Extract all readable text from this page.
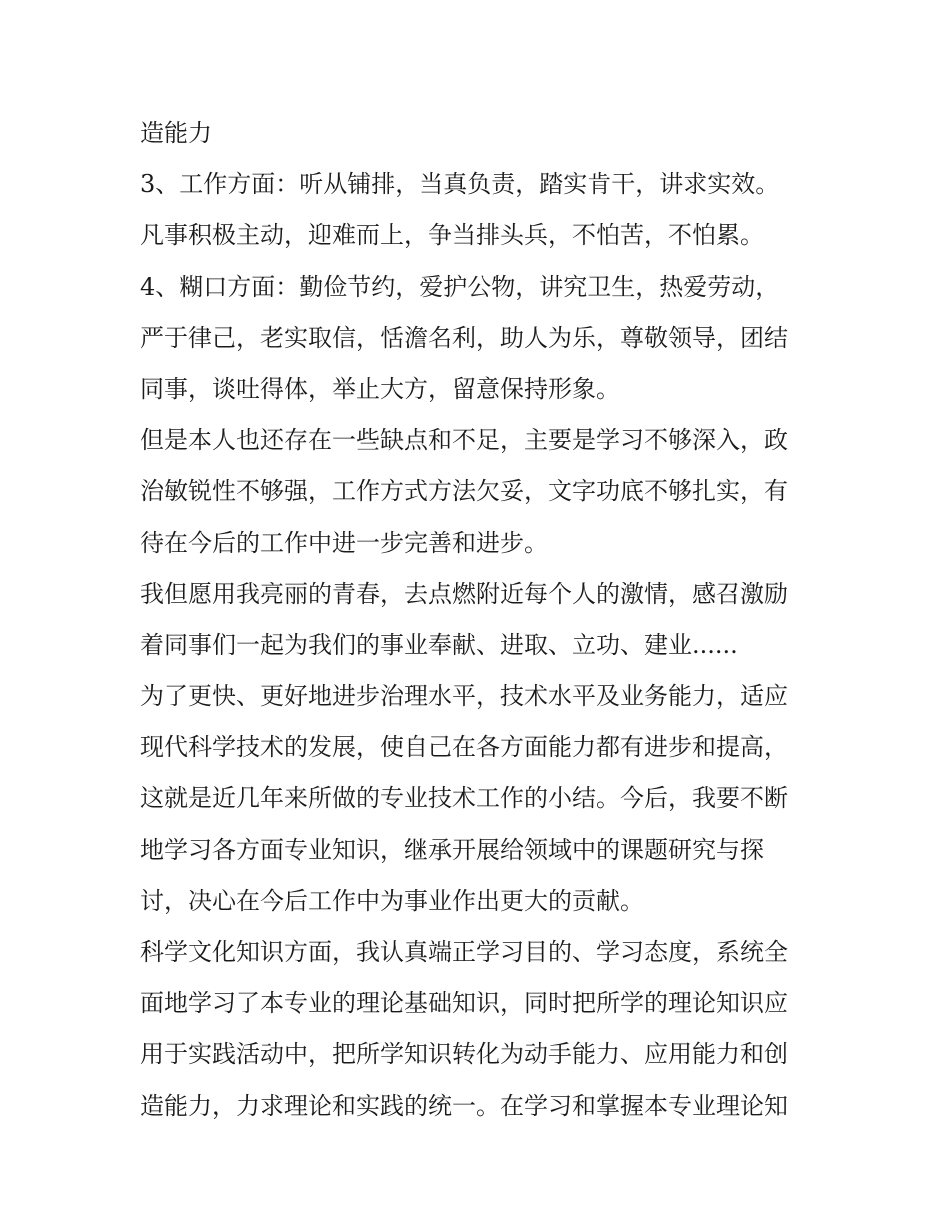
造能力
3、工作方面：听从铺排，当真负责，踏实肯干，讲求实效。
凡事积极主动，迎难而上，争当排头兵，不怕苦，不怕累。
4、糊口方面：勤俭节约，爱护公物，讲究卫生，热爱劳动，
严于律己，老实取信，恬澹名利，助人为乐，尊敬领导，团结
同事，谈吐得体，举止大方，留意保持形象。
但是本人也还存在一些缺点和不足，主要是学习不够深入，政
治敏锐性不够强，工作方式方法欠妥，文字功底不够扎实，有
待在今后的工作中进一步完善和进步。
我但愿用我亮丽的青春，去点燃附近每个人的激情，感召激励
着同事们一起为我们的事业奉献、进取、立功、建业......
为了更快、更好地进步治理水平，技术水平及业务能力，适应
现代科学技术的发展，使自己在各方面能力都有进步和提高，
这就是近几年来所做的专业技术工作的小结。今后，我要不断
地学习各方面专业知识，继承开展给领域中的课题研究与探
讨，决心在今后工作中为事业作出更大的贡献。
科学文化知识方面，我认真端正学习目的、学习态度，系统全
面地学习了本专业的理论基础知识，同时把所学的理论知识应
用于实践活动中，把所学知识转化为动手能力、应用能力和创
造能力，力求理论和实践的统一。在学习和掌握本专业理论知
